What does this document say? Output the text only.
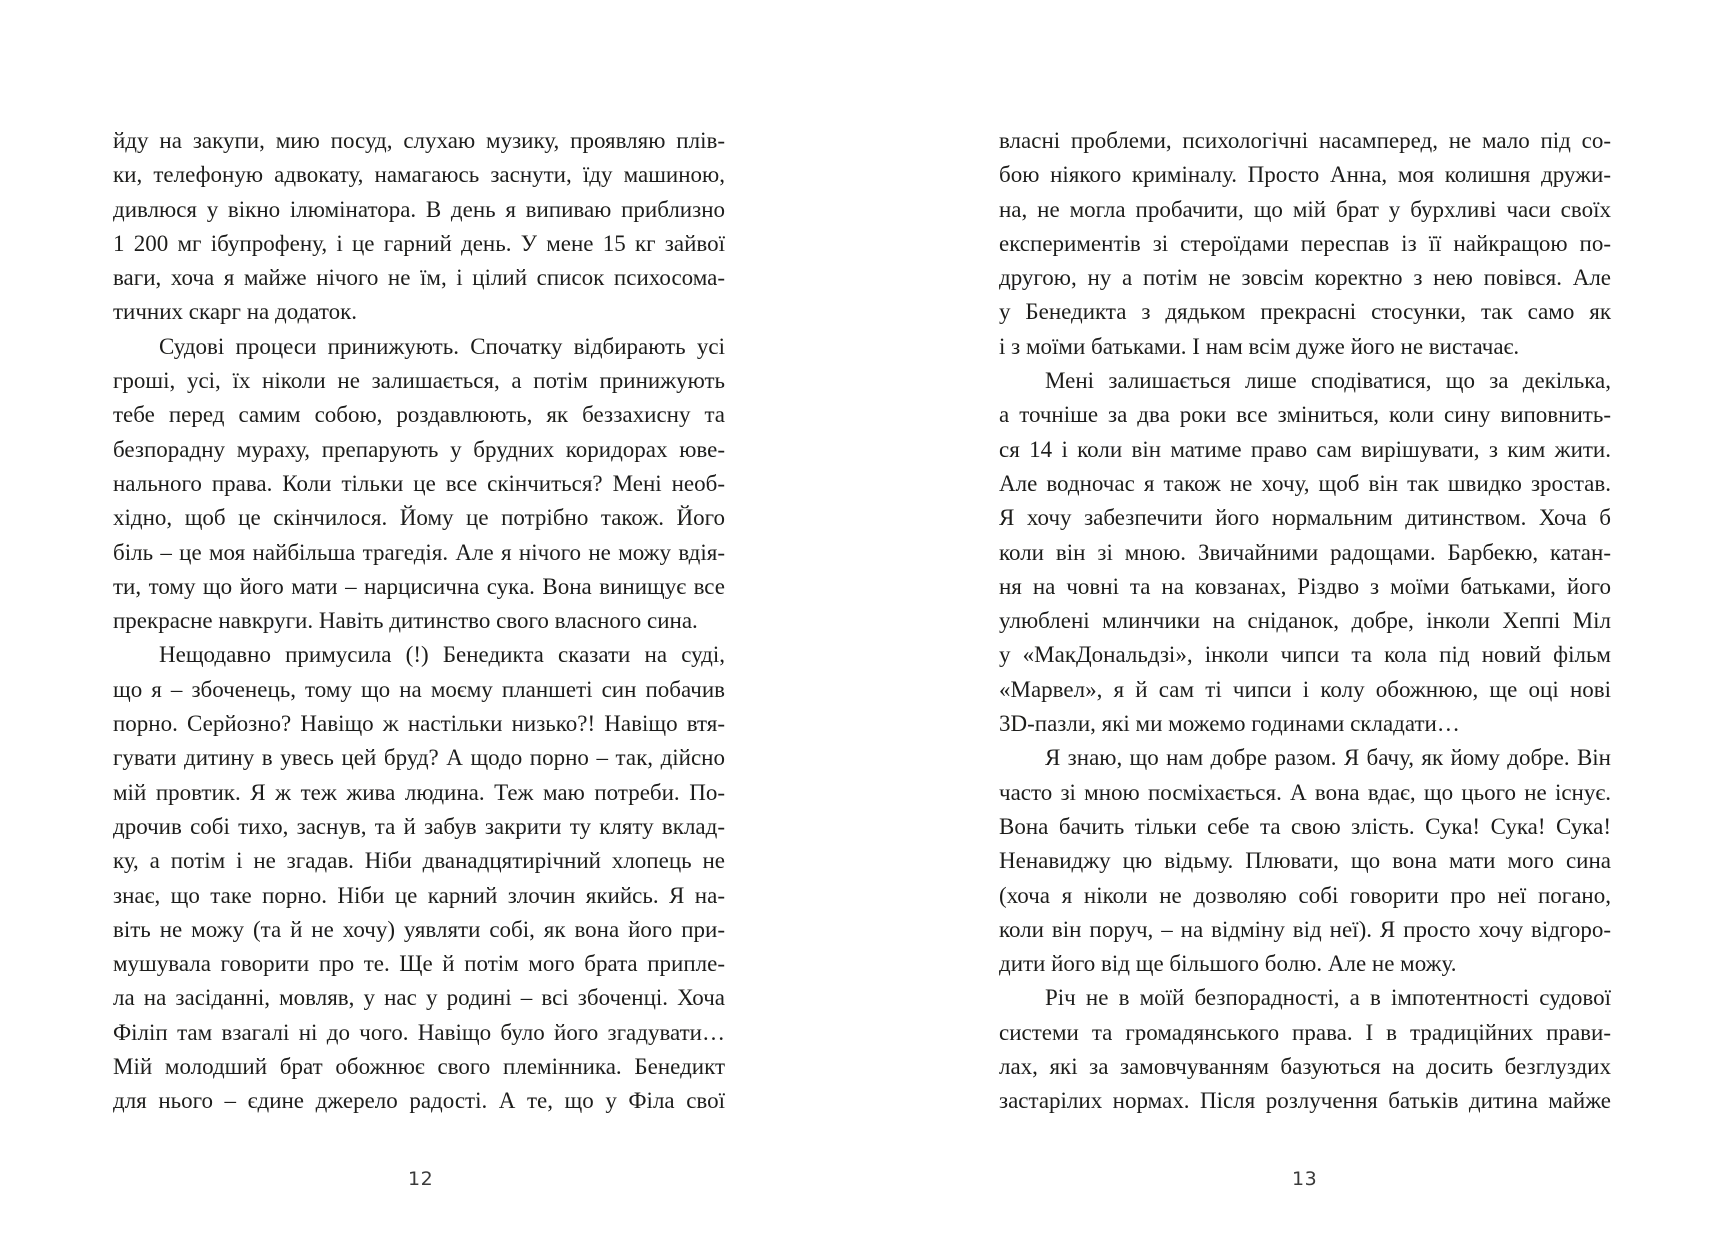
йду на закупи, мию посуд, слухаю музику, проявляю плів-
ки, телефоную адвокату, намагаюсь заснути, їду машиною,
дивлюся у вікно ілюмінатора. В день я випиваю приблизно
1 200 мг ібупрофену, і це гарний день. У мене 15 кг зайвої
ваги, хоча я майже нічого не їм, і цілий список психосома-
тичних скарг на додаток.
Судові процеси принижують. Спочатку відбирають усі
гроші, усі, їх ніколи не залишається, а потім принижують
тебе перед самим собою, роздавлюють, як беззахисну та
безпорадну мураху, препарують у брудних коридорах юве-
нального права. Коли тільки це все скінчиться? Мені необ-
хідно, щоб це скінчилося. Йому це потрібно також. Його
біль – це моя найбільша трагедія. Але я нічого не можу вдія-
ти, тому що його мати – нарцисична сука. Вона винищує все
прекрасне навкруги. Навіть дитинство свого власного сина.
Нещодавно примусила (!) Бенедикта сказати на суді,
що я – збоченець, тому що на моєму планшеті син побачив
порно. Серйозно? Навіщо ж настільки низько?! Навіщо втя-
гувати дитину в увесь цей бруд? А щодо порно – так, дійсно
мій провтик. Я ж теж жива людина. Теж маю потреби. По-
дрочив собі тихо, заснув, та й забув закрити ту кляту вклад-
ку, а потім і не згадав. Ніби дванадцятирічний хлопець не
знає, що таке порно. Ніби це карний злочин якийсь. Я на-
віть не можу (та й не хочу) уявляти собі, як вона його при-
мушувала говорити про те. Ще й потім мого брата припле-
ла на засіданні, мовляв, у нас у родині – всі збоченці. Хоча
Філіп там взагалі ні до чого. Навіщо було його згадувати…
Мій молодший брат обожнює свого племінника. Бенедикт
для нього – єдине джерело радості. А те, що у Філа свої
12
власні проблеми, психологічні насамперед, не мало під со-
бою ніякого криміналу. Просто Анна, моя колишня дружи-
на, не могла пробачити, що мій брат у бурхливі часи своїх
експериментів зі стероїдами переспав із її найкращою по-
другою, ну а потім не зовсім коректно з нею повівся. Але
у Бенедикта з дядьком прекрасні стосунки, так само як
і з моїми батьками. І нам всім дуже його не вистачає.
Мені залишається лише сподіватися, що за декілька,
а точніше за два роки все зміниться, коли сину виповнить-
ся 14 і коли він матиме право сам вирішувати, з ким жити.
Але водночас я також не хочу, щоб він так швидко зростав.
Я хочу забезпечити його нормальним дитинством. Хоча б
коли він зі мною. Звичайними радощами. Барбекю, катан-
ня на човні та на ковзанах, Різдво з моїми батьками, його
улюблені млинчики на сніданок, добре, інколи Хеппі Міл
у «МакДональдзі», інколи чипси та кола під новий фільм
«Марвел», я й сам ті чипси і колу обожнюю, ще оці нові
3D-пазли, які ми можемо годинами складати…
Я знаю, що нам добре разом. Я бачу, як йому добре. Він
часто зі мною посміхається. А вона вдає, що цього не існує.
Вона бачить тільки себе та свою злість. Сука! Сука! Сука!
Ненавиджу цю відьму. Плювати, що вона мати мого сина
(хоча я ніколи не дозволяю собі говорити про неї погано,
коли він поруч, – на відміну від неї). Я просто хочу відгоро-
дити його від ще більшого болю. Але не можу.
Річ не в моїй безпорадності, а в імпотентності судової
системи та громадянського права. І в традиційних прави-
лах, які за замовчуванням базуються на досить безглуздих
застарілих нормах. Після розлучення батьків дитина майже
13
